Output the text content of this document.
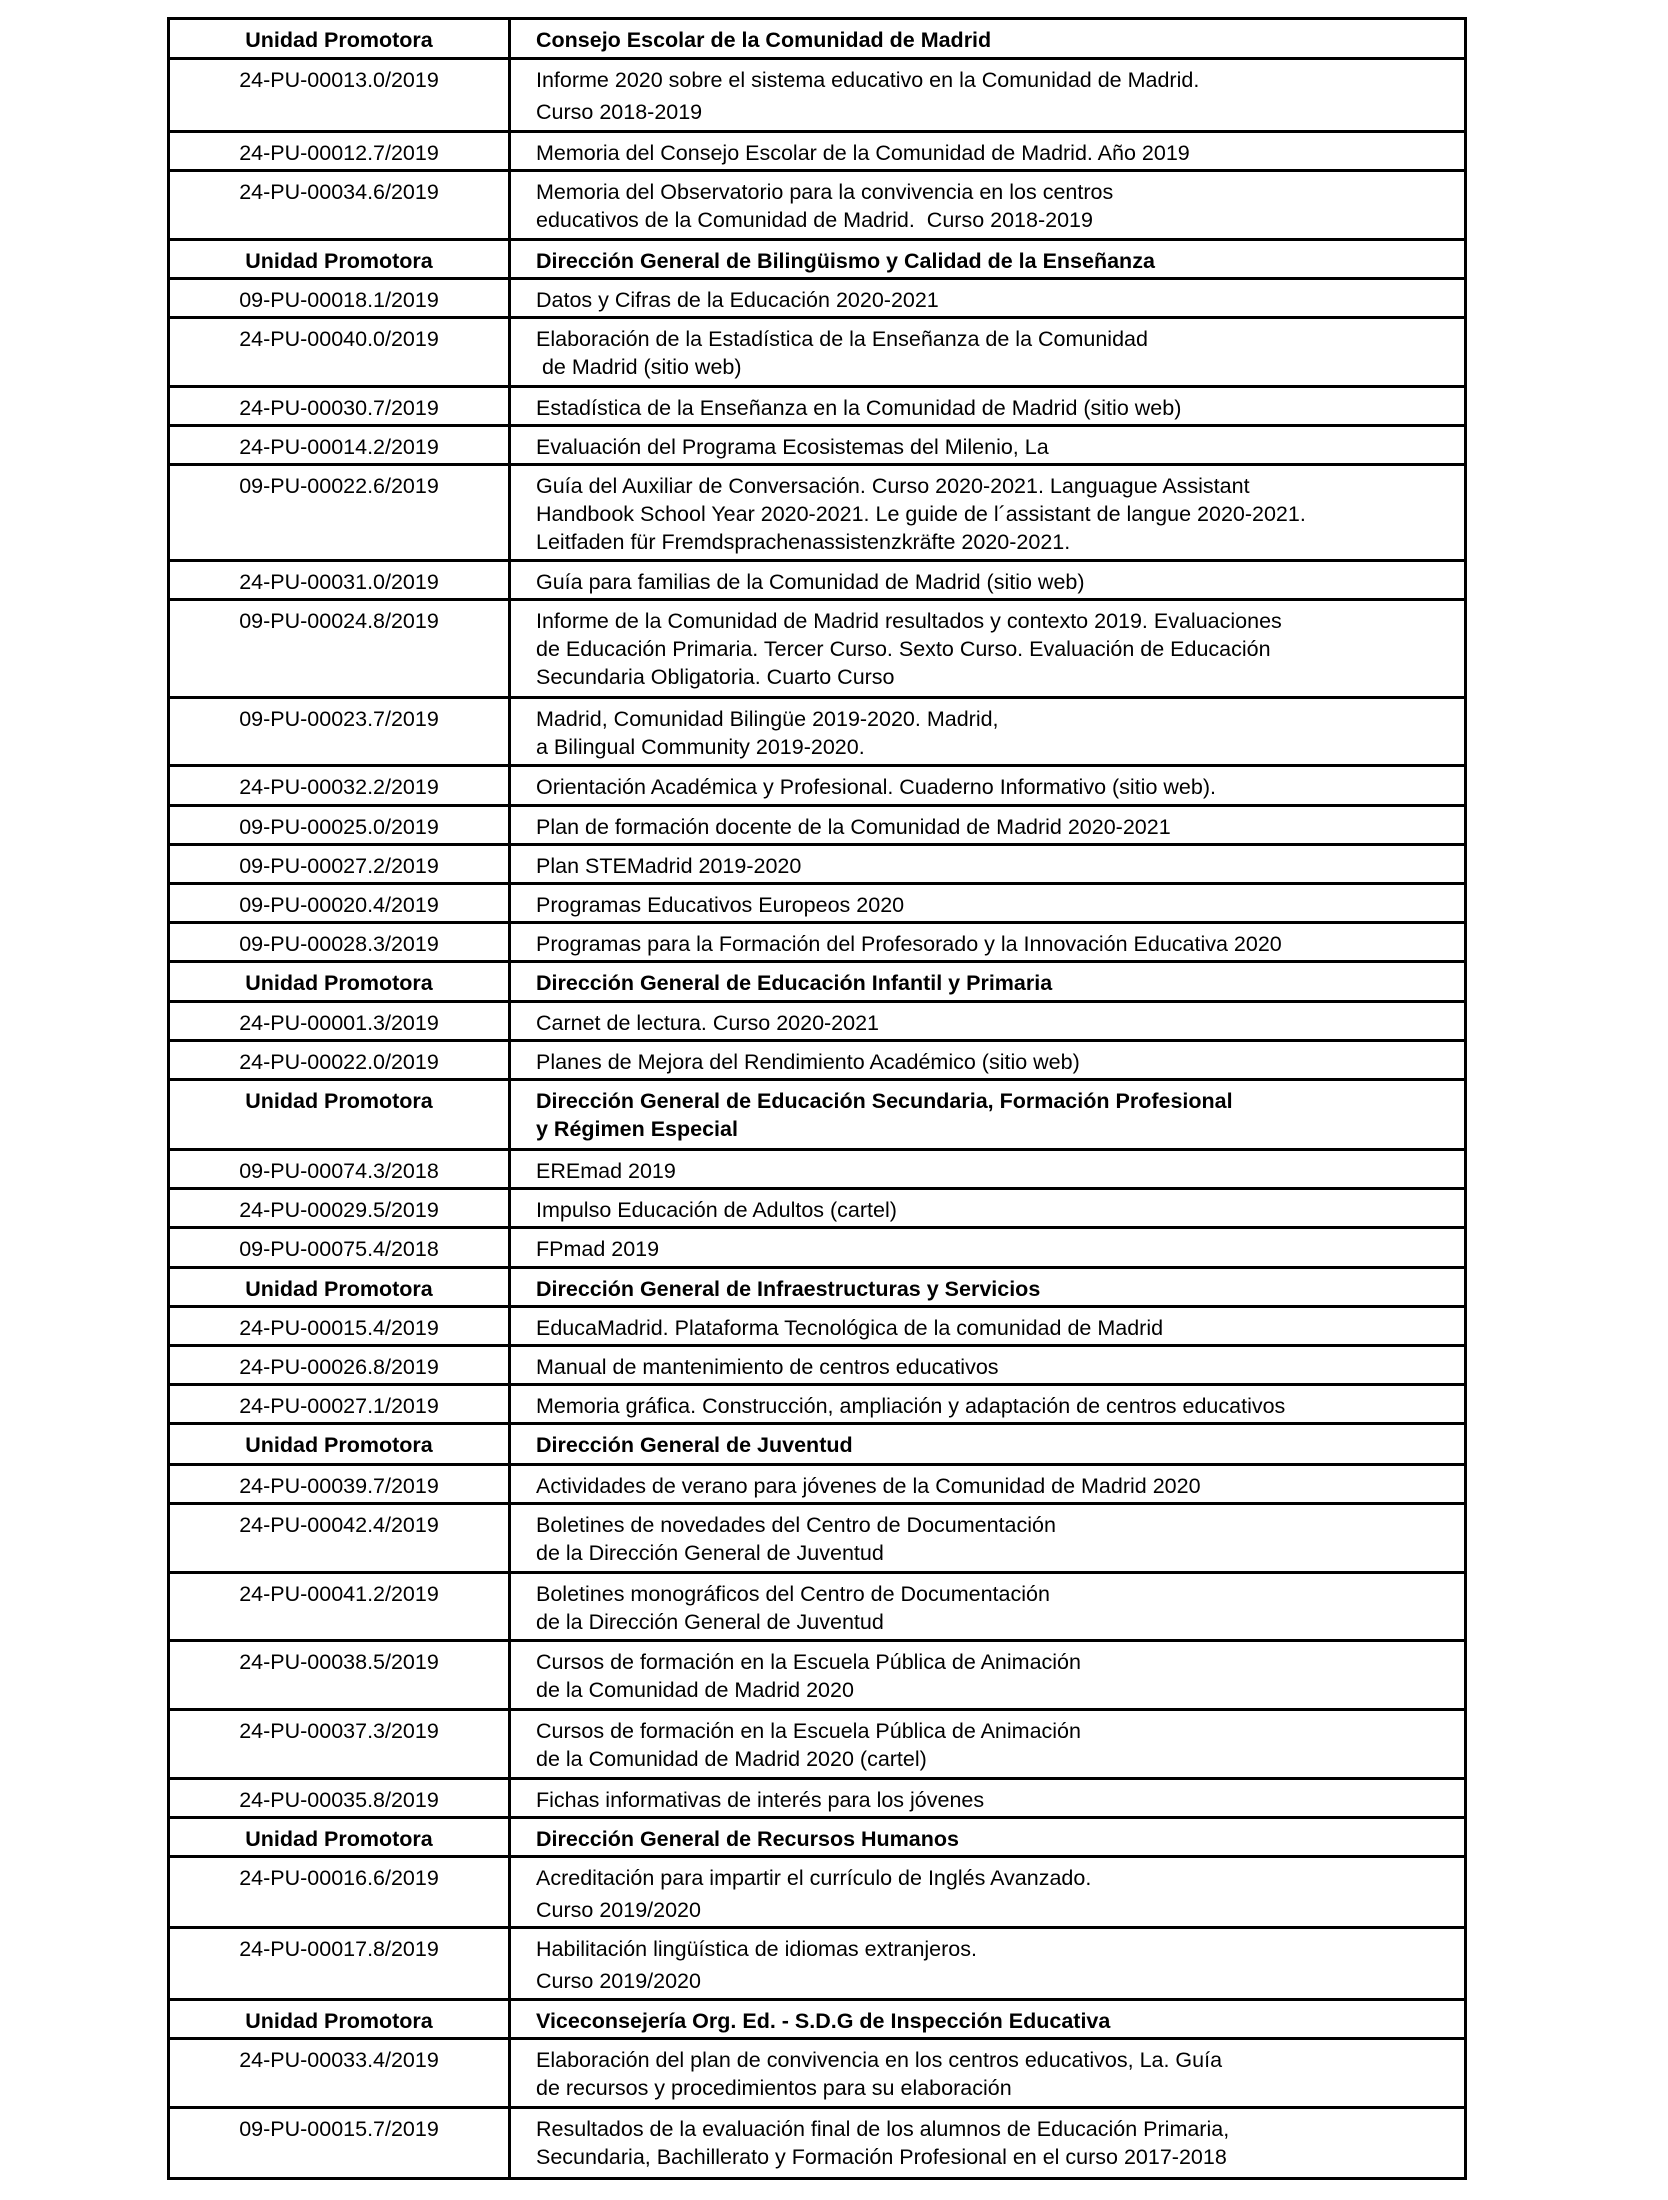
Unidad Promotora	Consejo Escolar de la Comunidad de Madrid

24-PU-00013.0/2019	Informe 2020 sobre el sistema educativo en la Comunidad de Madrid.
Curso 2018-2019

24-PU-00012.7/2019	Memoria del Consejo Escolar de la Comunidad de Madrid. Año 2019

24-PU-00034.6/2019	Memoria del Observatorio para la convivencia en los centros
educativos de la Comunidad de Madrid.  Curso 2018-2019

Unidad Promotora	Dirección General de Bilingüismo y Calidad de la Enseñanza

09-PU-00018.1/2019	Datos y Cifras de la Educación 2020-2021

24-PU-00040.0/2019	Elaboración de la Estadística de la Enseñanza de la Comunidad
de Madrid (sitio web)

24-PU-00030.7/2019	Estadística de la Enseñanza en la Comunidad de Madrid (sitio web)

24-PU-00014.2/2019	Evaluación del Programa Ecosistemas del Milenio, La

09-PU-00022.6/2019	Guía del Auxiliar de Conversación. Curso 2020-2021. Languague Assistant
Handbook School Year 2020-2021. Le guide de l´assistant de langue 2020-2021.
Leitfaden für Fremdsprachenassistenzkräfte 2020-2021.

24-PU-00031.0/2019	Guía para familias de la Comunidad de Madrid (sitio web)

09-PU-00024.8/2019	Informe de la Comunidad de Madrid resultados y contexto 2019. Evaluaciones
de Educación Primaria. Tercer Curso. Sexto Curso. Evaluación de Educación
Secundaria Obligatoria. Cuarto Curso

09-PU-00023.7/2019	Madrid, Comunidad Bilingüe 2019-2020. Madrid,
a Bilingual Community 2019-2020.

24-PU-00032.2/2019	Orientación Académica y Profesional. Cuaderno Informativo (sitio web).

09-PU-00025.0/2019	Plan de formación docente de la Comunidad de Madrid 2020-2021

09-PU-00027.2/2019	Plan STEMadrid 2019-2020

09-PU-00020.4/2019	Programas Educativos Europeos 2020

09-PU-00028.3/2019	Programas para la Formación del Profesorado y la Innovación Educativa 2020

Unidad Promotora	Dirección General de Educación Infantil y Primaria

24-PU-00001.3/2019	Carnet de lectura. Curso 2020-2021

24-PU-00022.0/2019	Planes de Mejora del Rendimiento Académico (sitio web)

Unidad Promotora	Dirección General de Educación Secundaria, Formación Profesional
y Régimen Especial

09-PU-00074.3/2018	EREmad 2019

24-PU-00029.5/2019	Impulso Educación de Adultos (cartel)

09-PU-00075.4/2018	FPmad 2019

Unidad Promotora	Dirección General de Infraestructuras y Servicios

24-PU-00015.4/2019	EducaMadrid. Plataforma Tecnológica de la comunidad de Madrid

24-PU-00026.8/2019	Manual de mantenimiento de centros educativos

24-PU-00027.1/2019	Memoria gráfica. Construcción, ampliación y adaptación de centros educativos

Unidad Promotora	Dirección General de Juventud

24-PU-00039.7/2019	Actividades de verano para jóvenes de la Comunidad de Madrid 2020

24-PU-00042.4/2019	Boletines de novedades del Centro de Documentación
de la Dirección General de Juventud

24-PU-00041.2/2019	Boletines monográficos del Centro de Documentación
de la Dirección General de Juventud

24-PU-00038.5/2019	Cursos de formación en la Escuela Pública de Animación
de la Comunidad de Madrid 2020

24-PU-00037.3/2019	Cursos de formación en la Escuela Pública de Animación
de la Comunidad de Madrid 2020 (cartel)

24-PU-00035.8/2019	Fichas informativas de interés para los jóvenes

Unidad Promotora	Dirección General de Recursos Humanos

24-PU-00016.6/2019	Acreditación para impartir el currículo de Inglés Avanzado.
Curso 2019/2020

24-PU-00017.8/2019	Habilitación lingüística de idiomas extranjeros.
Curso 2019/2020

Unidad Promotora	Viceconsejería Org. Ed. - S.D.G de Inspección Educativa

24-PU-00033.4/2019	Elaboración del plan de convivencia en los centros educativos, La. Guía
de recursos y procedimientos para su elaboración

09-PU-00015.7/2019	Resultados de la evaluación final de los alumnos de Educación Primaria,
Secundaria, Bachillerato y Formación Profesional en el curso 2017-2018
